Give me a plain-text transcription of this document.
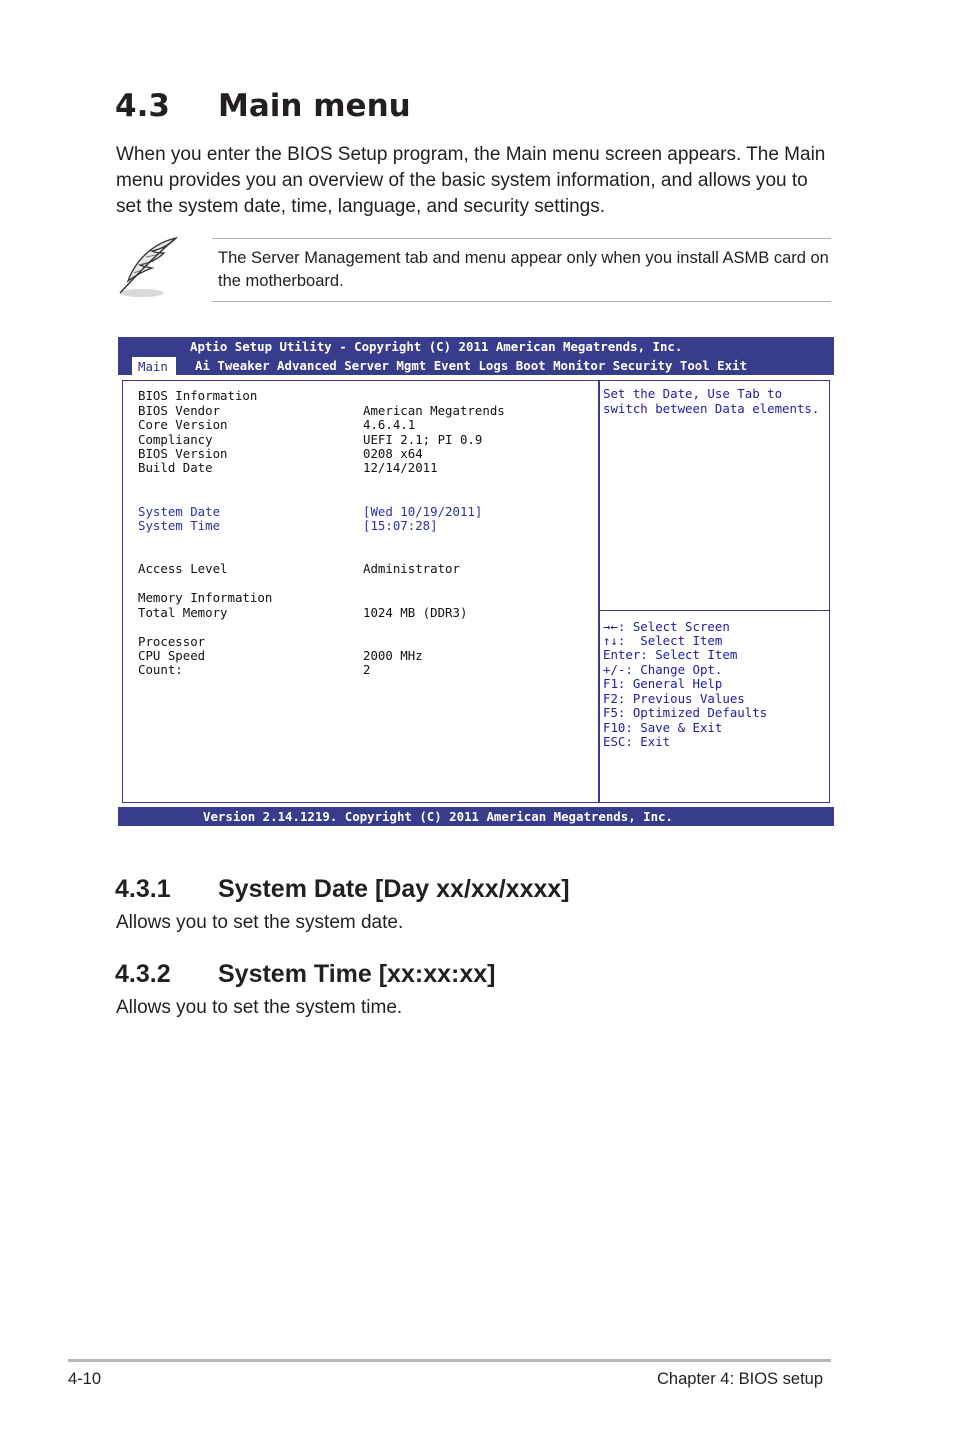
4.3 Main menu
When you enter the BIOS Setup program, the Main menu screen appears. The Main menu provides you an overview of the basic system information, and allows you to set the system date, time, language, and security settings.
The Server Management tab and menu appear only when you install ASMB card on the motherboard.

Aptio Setup Utility - Copyright (C) 2011 American Megatrends, Inc.

Main

Ai Tweaker Advanced Server Mgmt Event Logs Boot Monitor Security Tool Exit

BIOS Information

BIOS Vendor

	American Megatrends

Core Version

	4.6.4.1

Compliancy

	UEFI 2.1; PI 0.9

BIOS Version

	0208 x64

Build Date

	12/14/2011

System Date

	[Wed 10/19/2011]

System Time

	[15:07:28]

Access Level

	Administrator

Memory Information

Total Memory

	1024 MB (DDR3)

Processor

CPU Speed

	2000 MHz

Count:

	2

Set the Date, Use Tab to

switch between Data elements.

→←: Select Screen

↑↓:  Select Item

Enter: Select Item

+/-: Change Opt.

F1: General Help

F2: Previous Values

F5: Optimized Defaults

F10: Save & Exit

ESC: Exit

Version 2.14.1219. Copyright (C) 2011 American Megatrends, Inc.

4.3.1 System Date [Day xx/xx/xxxx]
Allows you to set the system date.
4.3.2 System Time [xx:xx:xx]
Allows you to set the system time.
4-10	Chapter 4: BIOS setup
